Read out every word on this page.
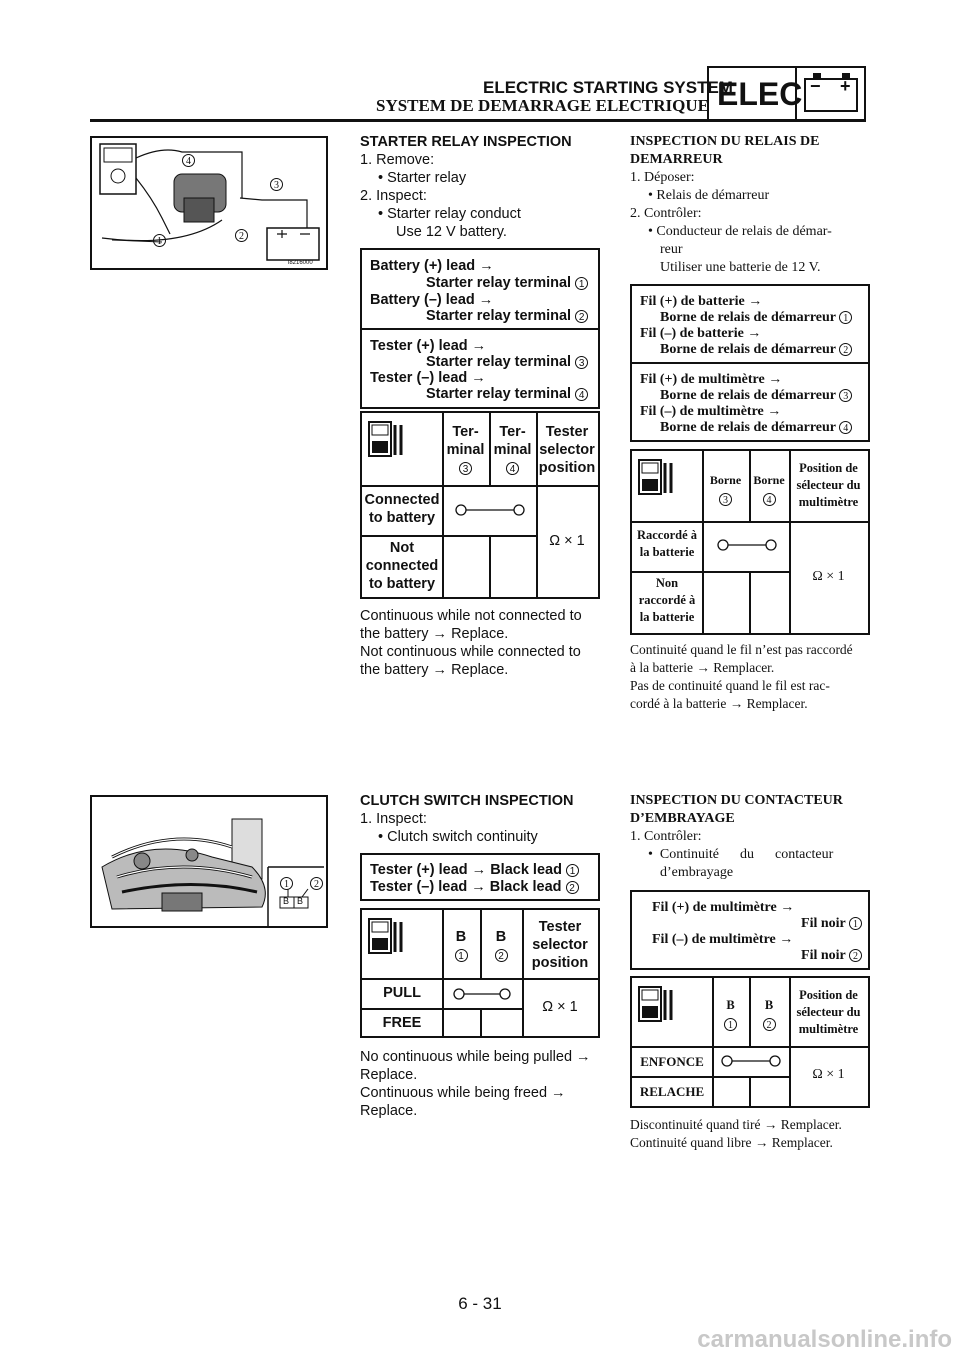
ELECTRIC STARTING SYSTEM
SYSTEM DE DEMARRAGE ELECTRIQUE ELEC − +
4
3
2
1
i8216000
STARTER RELAY INSPECTION
1. Remove:
• Starter relay
2. Inspect:
• Starter relay conduct
Use 12 V battery.
Battery (+) lead →
Starter relay terminal 1
Battery (–) lead →
Starter relay terminal 2
Tester (+) lead →
Starter relay terminal 3
Tester (–) lead →
Starter relay terminal 4
Ter-
minal
3
Ter-
minal
4
Tester
selector
position
Connected
to battery
Not
connected
to battery
Ω × 1
Continuous while not connected to
the battery → Replace.
Not continuous while connected to
the battery → Replace.
INSPECTION DU RELAIS DE
DEMARREUR
1. Déposer:
• Relais de démarreur
2. Contrôler:
• Conducteur de relais de démar-
reur
Utiliser une batterie de 12 V.
Fil (+) de batterie →
Borne de relais de démarreur 1
Fil (–) de batterie →
Borne de relais de démarreur 2
Fil (+) de multimètre →
Borne de relais de démarreur 3
Fil (–) de multimètre →
Borne de relais de démarreur 4
Borne
3
Borne
4
Position de
sélecteur du
multimètre
Raccordé à
la batterie
Non
raccordé à
la batterie
Ω × 1
Continuité quand le fil n’est pas raccordé
à la batterie → Remplacer.
Pas de continuité quand le fil est rac-
cordé à la batterie → Remplacer.
1	2
B B
CLUTCH SWITCH INSPECTION
1. Inspect:
• Clutch switch continuity
Tester (+) lead → Black lead 1
Tester (–) lead → Black lead 2
B
1
B
2
Tester
selector
position
PULL
FREE
Ω × 1
No continuous while being pulled →
Replace.
Continuous while being freed →
Replace.
INSPECTION DU CONTACTEUR
D’EMBRAYAGE
1. Contrôler:
•  Continuité      du      contacteur
d’embrayage
Fil (+) de multimètre →
Fil noir 1
Fil (–) de multimètre →
Fil noir 2
B
1
B
2
Position de
sélecteur du
multimètre
ENFONCE
RELACHE
Ω × 1
Discontinuité quand tiré → Remplacer.
Continuité quand libre → Remplacer.
6 - 31
carmanualsonline.info
